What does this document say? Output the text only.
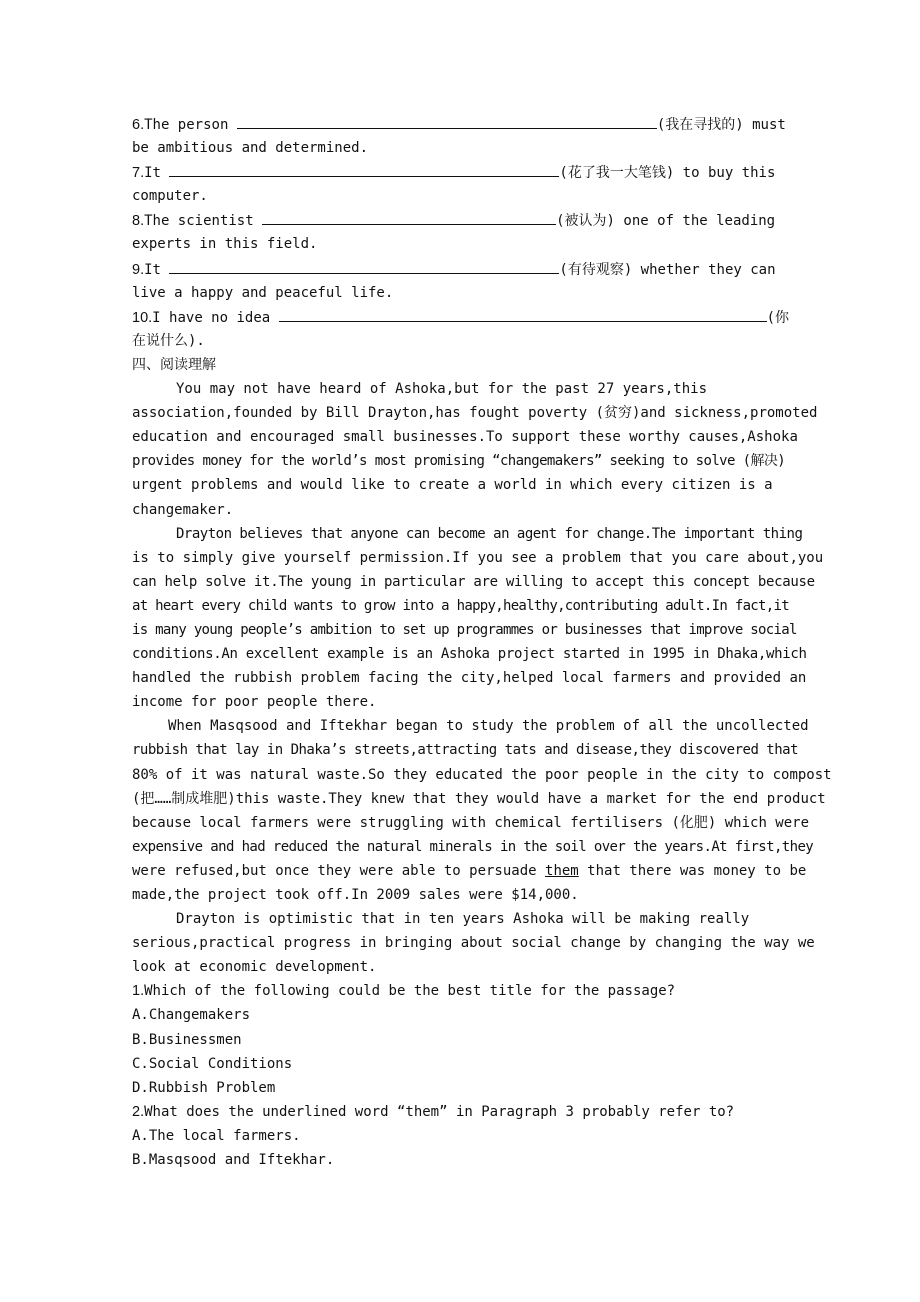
6.The person	(我在寻找的) must
be ambitious and determined.
7.It	(花了我一大笔钱) to buy this
computer.
8.The scientist	(被认为) one of the leading
experts in this field.
9.It	(有待观察) whether they can
live a happy and peaceful life.
10.I have no idea	(你
在说什么).
四、阅读理解
You may not have heard of Ashoka,but for the past 27 years,this
association,founded by Bill Drayton,has fought poverty (贫穷)and sickness,promoted
education and encouraged small businesses.To support these worthy causes,Ashoka
provides money for the world’s most promising “changemakers” seeking to solve (解决)
urgent problems and would like to create a world in which every citizen is a
changemaker.
Drayton believes that anyone can become an agent for change.The important thing
is to simply give yourself permission.If you see a problem that you care about,you
can help solve it.The young in particular are willing to accept this concept because
at heart every child wants to grow into a happy,healthy,contributing adult.In fact,it
is many young people’s ambition to set up programmes or businesses that improve social
conditions.An excellent example is an Ashoka project started in 1995 in Dhaka,which
handled the rubbish problem facing the city,helped local farmers and provided an
income for poor people there.
When Masqsood and Iftekhar began to study the problem of all the uncollected
rubbish that lay in Dhaka’s streets,attracting tats and disease,they discovered that
80% of it was natural waste.So they educated the poor people in the city to compost
(把……制成堆肥)this waste.They knew that they would have a market for the end product
because local farmers were struggling with chemical fertilisers (化肥) which were
expensive and had reduced the natural minerals in the soil over the years.At first,they
were refused,but once they were able to persuade them that there was money to be
made,the project took off.In 2009 sales were $14,000.
Drayton is optimistic that in ten years Ashoka will be making really
serious,practical progress in bringing about social change by changing the way we
look at economic development.
1.Which of the following could be the best title for the passage?
A.Changemakers
B.Businessmen
C.Social Conditions
D.Rubbish Problem
2.What does the underlined word “them” in Paragraph 3 probably refer to?
A.The local farmers.
B.Masqsood and Iftekhar.
